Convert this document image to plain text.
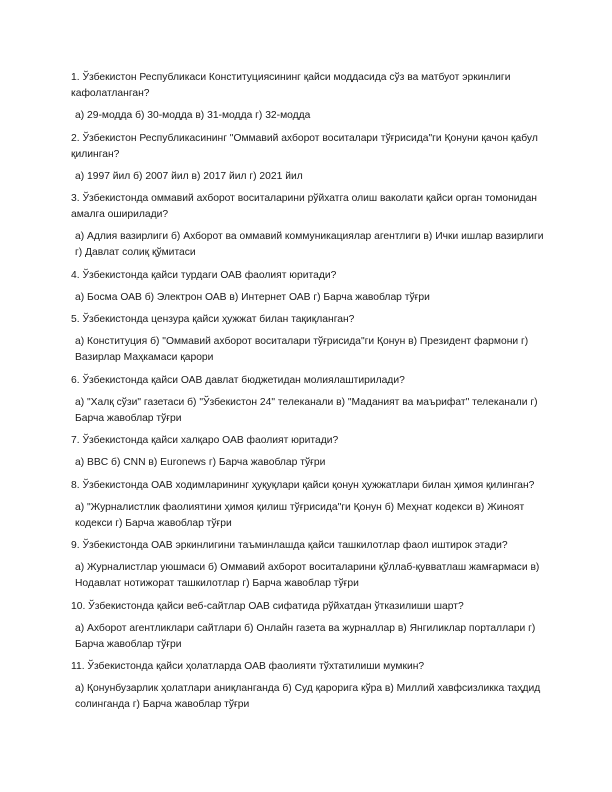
1. Ўзбекистон Республикаси Конституциясининг қайси моддасида сўз ва матбуот эркинлиги кафолатланган?

а) 29-модда б) 30-модда в) 31-модда г) 32-модда

2. Ўзбекистон Республикасининг "Оммавий ахборот воситалари тўғрисида"ги Қонуни қачон қабул қилинган?

а) 1997 йил б) 2007 йил в) 2017 йил г) 2021 йил

3. Ўзбекистонда оммавий ахборот воситаларини рўйхатга олиш ваколати қайси орган томонидан амалга оширилади?

а) Адлия вазирлиги б) Ахборот ва оммавий коммуникациялар агентлиги в) Ички ишлар вазирлиги г) Давлат солиқ қўмитаси

4. Ўзбекистонда қайси турдаги ОАВ фаолият юритади?

а) Босма ОАВ б) Электрон ОАВ в) Интернет ОАВ г) Барча жавоблар тўғри

5. Ўзбекистонда цензура қайси ҳужжат билан тақиқланган?

а) Конституция б) "Оммавий ахборот воситалари тўғрисида"ги Қонун в) Президент фармони г) Вазирлар Маҳкамаси қарори

6. Ўзбекистонда қайси ОАВ давлат бюджетидан молиялаштирилади?

а) "Халқ сўзи" газетаси б) "Ўзбекистон 24" телеканали в) "Маданият ва маърифат" телеканали г) Барча жавоблар тўғри

7. Ўзбекистонда қайси халқаро ОАВ фаолият юритади?

а) BBC б) CNN в) Euronews г) Барча жавоблар тўғри

8. Ўзбекистонда ОАВ ходимларининг ҳуқуқлари қайси қонун ҳужжатлари билан ҳимоя қилинган?

а) "Журналистлик фаолиятини ҳимоя қилиш тўғрисида"ги Қонун б) Меҳнат кодекси в) Жиноят кодекси г) Барча жавоблар тўғри

9. Ўзбекистонда ОАВ эркинлигини таъминлашда қайси ташкилотлар фаол иштирок этади?

а) Журналистлар уюшмаси б) Оммавий ахборот воситаларини қўллаб-қувватлаш жамғармаси в) Нодавлат нотижорат ташкилотлар г) Барча жавоблар тўғри

10. Ўзбекистонда қайси веб-сайтлар ОАВ сифатида рўйхатдан ўтказилиши шарт?

а) Ахборот агентликлари сайтлари б) Онлайн газета ва журналлар в) Янгиликлар порталлари г) Барча жавоблар тўғри

11. Ўзбекистонда қайси ҳолатларда ОАВ фаолияти тўхтатилиши мумкин?

а) Қонунбузарлик ҳолатлари аниқланганда б) Суд қарорига кўра в) Миллий хавфсизликка таҳдид солинганда г) Барча жавоблар тўғри
